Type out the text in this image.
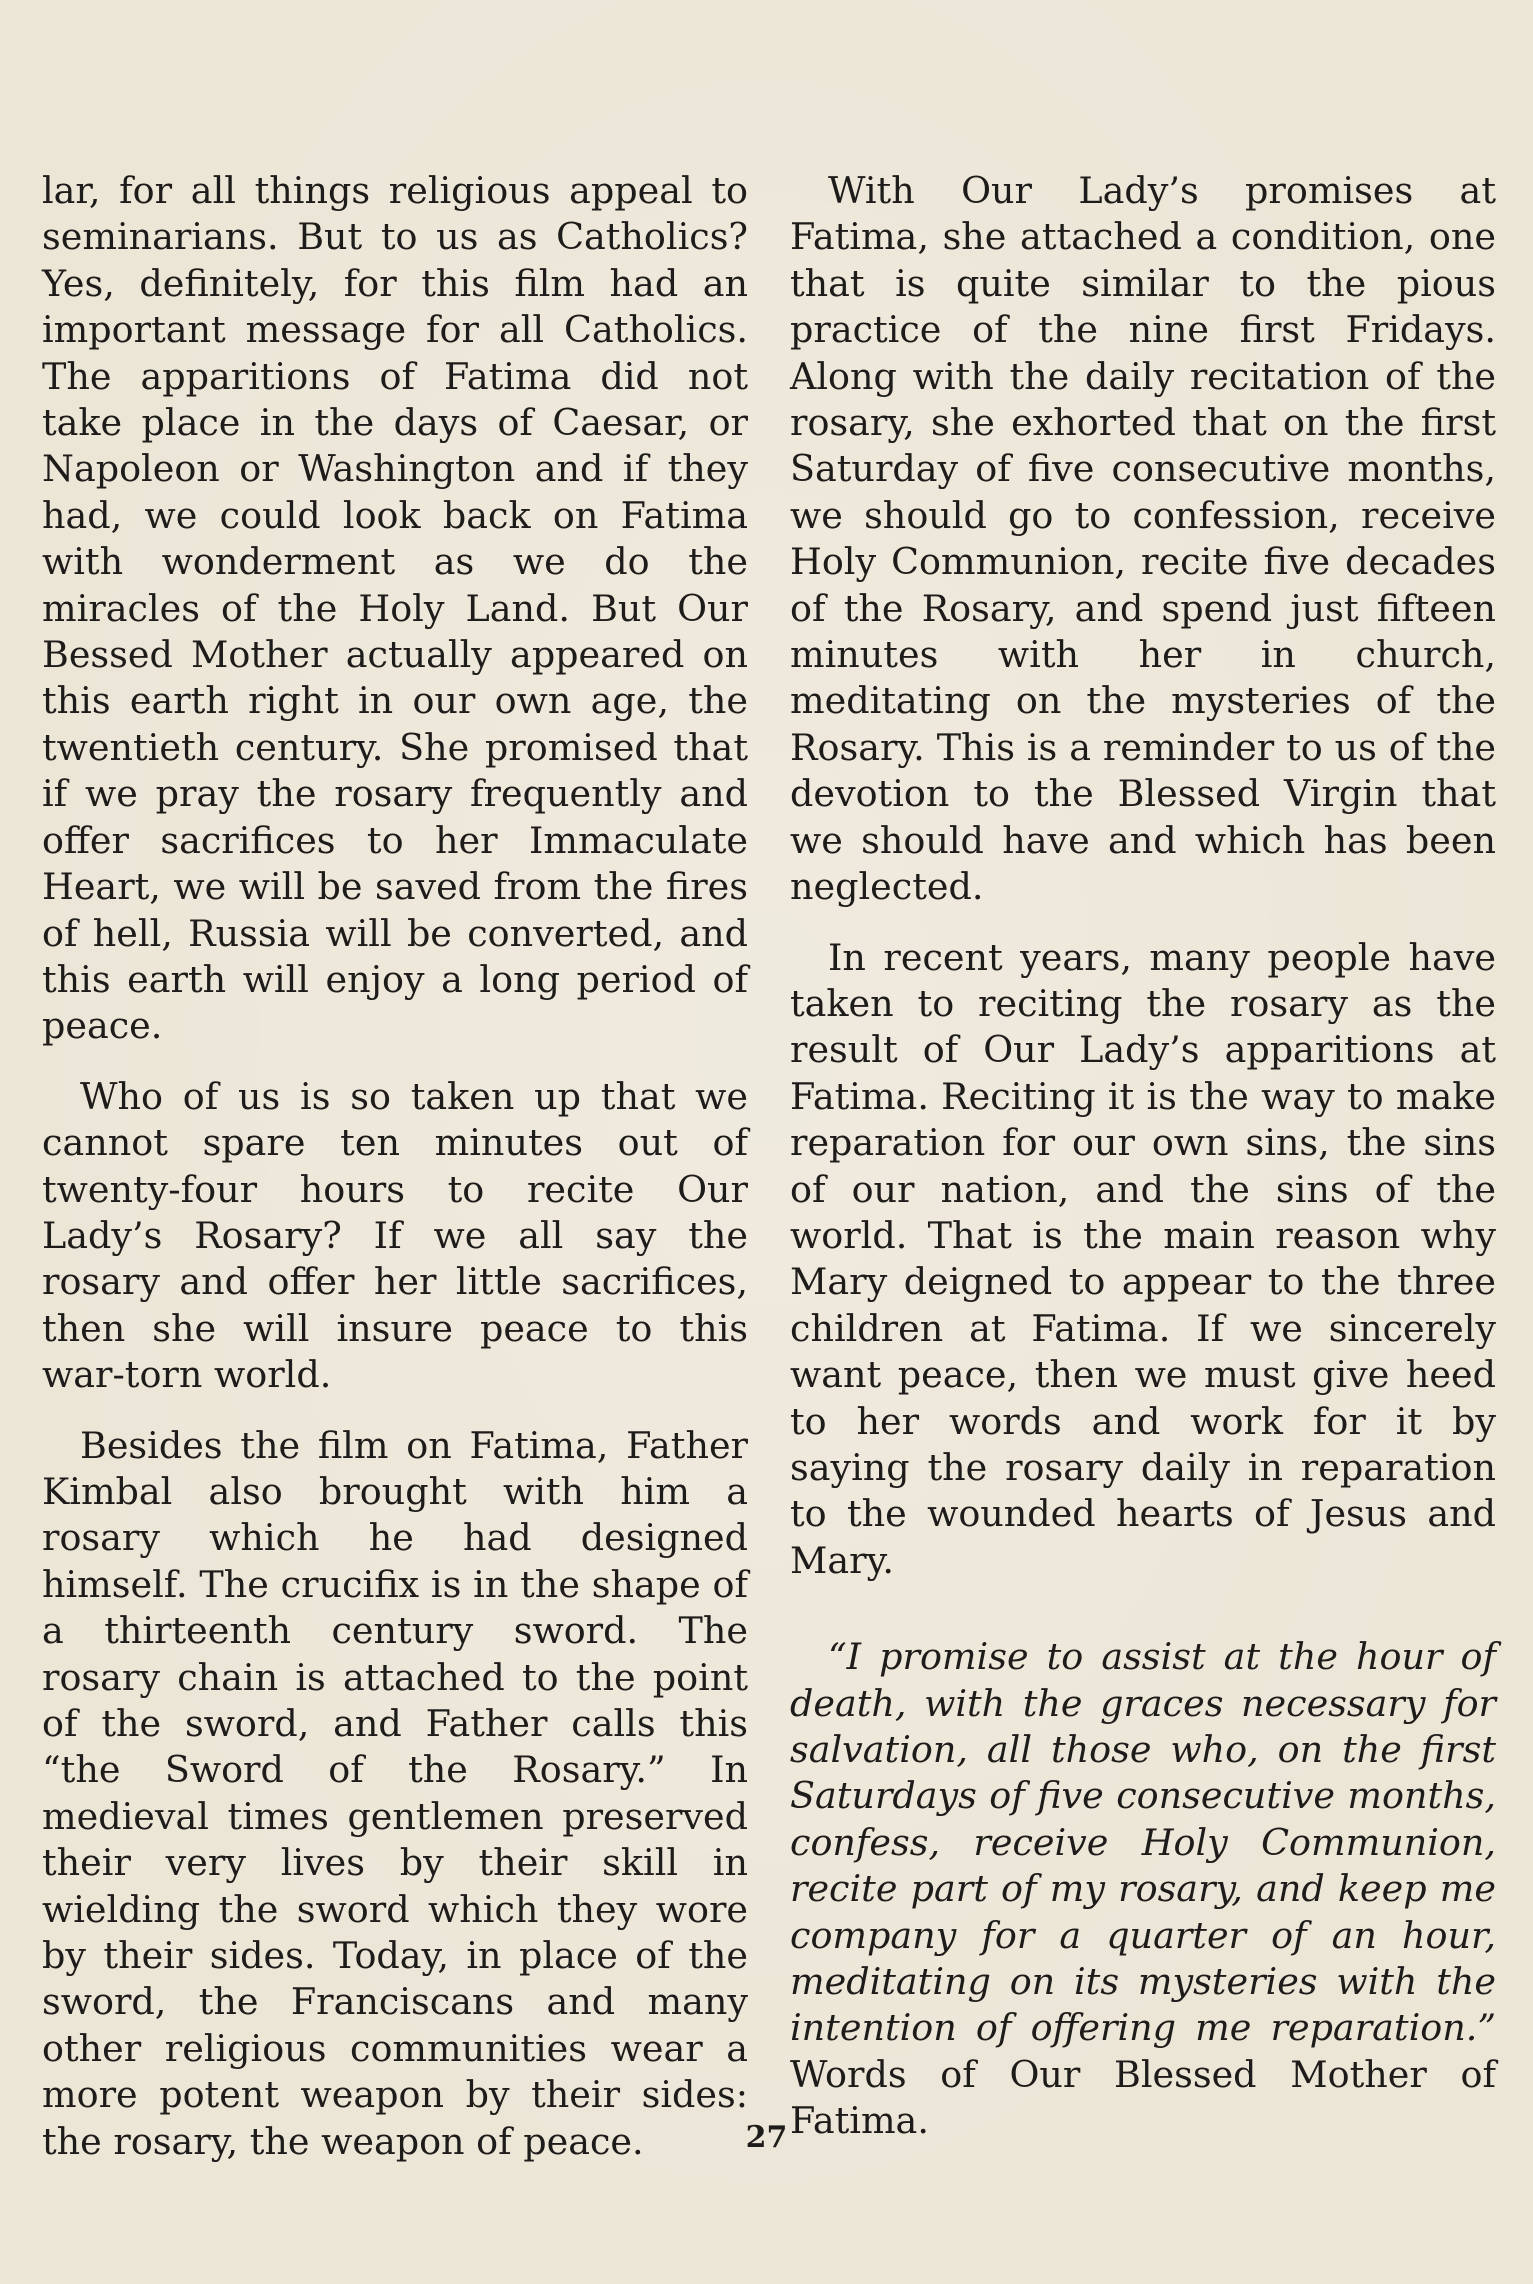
lar, for all things religious appeal to seminarians. But to us as Catholics? Yes, definitely, for this film had an important message for all Catholics. The apparitions of Fatima did not take place in the days of Caesar, or Napoleon or Washington and if they had, we could look back on Fatima with wonderment as we do the miracles of the Holy Land. But Our Bessed Mother actually appeared on this earth right in our own age, the twentieth century. She promised that if we pray the rosary frequently and offer sacrifices to her Immaculate Heart, we will be saved from the fires of hell, Russia will be converted, and this earth will enjoy a long period of peace.

Who of us is so taken up that we cannot spare ten minutes out of twenty-four hours to recite Our Lady’s Rosary? If we all say the rosary and offer her little sacrifices, then she will insure peace to this war-torn world.

Besides the film on Fatima, Father Kimbal also brought with him a rosary which he had designed himself. The crucifix is in the shape of a thirteenth century sword. The rosary chain is attached to the point of the sword, and Father calls this “the Sword of the Rosary.” In medieval times gentlemen preserved their very lives by their skill in wielding the sword which they wore by their sides. Today, in place of the sword, the Franciscans and many other religious communities wear a more potent weapon by their sides: the rosary, the weapon of peace.

With Our Lady’s promises at Fatima, she attached a condition, one that is quite similar to the pious practice of the nine first Fridays. Along with the daily recitation of the rosary, she exhorted that on the first Saturday of five consecutive months, we should go to confession, receive Holy Communion, recite five decades of the Rosary, and spend just fifteen minutes with her in church, meditating on the mysteries of the Rosary. This is a reminder to us of the devotion to the Blessed Virgin that we should have and which has been neglected.

In recent years, many people have taken to reciting the rosary as the result of Our Lady’s apparitions at Fatima. Reciting it is the way to make reparation for our own sins, the sins of our nation, and the sins of the world. That is the main reason why Mary deigned to appear to the three children at Fatima. If we sincerely want peace, then we must give heed to her words and work for it by saying the rosary daily in reparation to the wounded hearts of Jesus and Mary.

“I promise to assist at the hour of death, with the graces necessary for salvation, all those who, on the first Saturdays of five consecutive months, confess, receive Holy Communion, recite part of my rosary, and keep me company for a quarter of an hour, meditating on its mysteries with the intention of offering me reparation.” Words of Our Blessed Mother of Fatima.

27
